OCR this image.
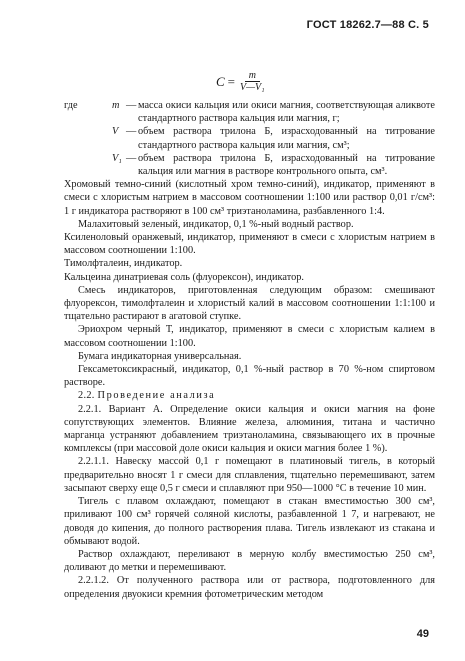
ГОСТ 18262.7—88 С. 5
$C = \frac{m}{\text{V—V₁}}$
где	m — масса окиси кальция или окиси магния, соответствующая аликвоте стандартного раствора кальция или магния, г;
V — объем раствора трилона Б, израсходованный на титрование стандартного раствора кальция или магния, см³;
V₁ — объем раствора трилона Б, израсходованный на титрование кальция или магния в растворе контрольного опыта, см³.

Хромовый темно-синий (кислотный хром темно-синий), индикатор, применяют в смеси с хлористым натрием в массовом соотношении 1:100 или раствор 0,01 г/см³: 1 г индикатора растворяют в 100 см³ триэтаноламина, разбавленного 1:4.

Малахитовый зеленый, индикатор, 0,1 %-ный водный раствор.

Ксиленоловый оранжевый, индикатор, применяют в смеси с хлористым натрием в массовом соотношении 1:100.

Тимолфталеин, индикатор.

Кальцеина динатриевая соль (флуорексон), индикатор.

Смесь индикаторов, приготовленная следующим образом: смешивают флуорексон, тимолфталеин и хлористый калий в массовом соотношении 1:1:100 и тщательно растирают в агатовой ступке.

Эриохром черный Т, индикатор, применяют в смеси с хлористым калием в массовом соотношении 1:100.

Бумага индикаторная универсальная.

Гексаметоксикрасный, индикатор, 0,1 %-ный раствор в 70 %-ном спиртовом растворе.

2.2. Проведение анализа

2.2.1. Вариант А. Определение окиси кальция и окиси магния на фоне сопутствующих элементов. Влияние железа, алюминия, титана и частично марганца устраняют добавлением триэтаноламина, связывающего их в прочные комплексы (при массовой доле окиси кальция и окиси магния более 1 %).

2.2.1.1. Навеску массой 0,1 г помещают в платиновый тигель, в который предварительно вносят 1 г смеси для сплавления, тщательно перемешивают, затем засыпают сверху еще 0,5 г смеси и сплавляют при 950—1000 °С в течение 10 мин.

Тигель с плавом охлаждают, помещают в стакан вместимостью 300 см³, приливают 100 см³ горячей соляной кислоты, разбавленной 1 7, и нагревают, не доводя до кипения, до полного растворения плава. Тигель извлекают из стакана и обмывают водой.

Раствор охлаждают, переливают в мерную колбу вместимостью 250 см³, доливают до метки и перемешивают.

2.2.1.2. От полученного раствора или от раствора, подготовленного для определения двуокиси кремния фотометрическим методом

49
